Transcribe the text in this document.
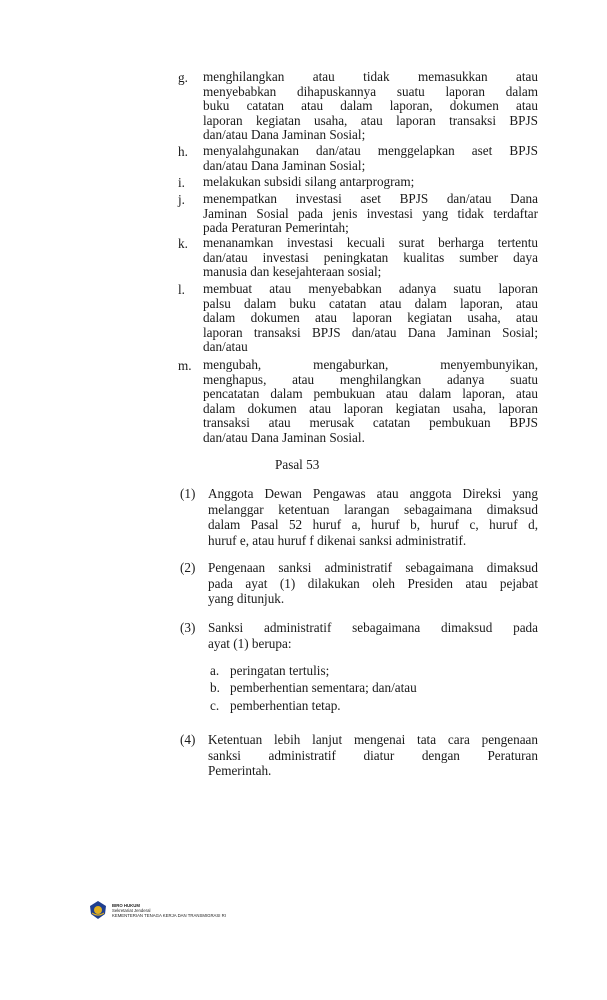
g. menghilangkan atau tidak memasukkan atau
menyebabkan dihapuskannya suatu laporan dalam
buku catatan atau dalam laporan, dokumen atau
laporan kegiatan usaha, atau laporan transaksi BPJS
dan/atau Dana Jaminan Sosial;
h. menyalahgunakan dan/atau menggelapkan aset BPJS
dan/atau Dana Jaminan Sosial;
i. melakukan subsidi silang antarprogram;
j. menempatkan investasi aset BPJS dan/atau Dana
Jaminan Sosial pada jenis investasi yang tidak terdaftar
pada Peraturan Pemerintah;
k. menanamkan investasi kecuali surat berharga tertentu
dan/atau investasi peningkatan kualitas sumber daya
manusia dan kesejahteraan sosial;
l. membuat atau menyebabkan adanya suatu laporan
palsu dalam buku catatan atau dalam laporan, atau
dalam dokumen atau laporan kegiatan usaha, atau
laporan transaksi BPJS dan/atau Dana Jaminan Sosial;
dan/atau
m. mengubah, mengaburkan, menyembunyikan,
menghapus, atau menghilangkan adanya suatu
pencatatan dalam pembukuan atau dalam laporan, atau
dalam dokumen atau laporan kegiatan usaha, laporan
transaksi atau merusak catatan pembukuan BPJS
dan/atau Dana Jaminan Sosial.
Pasal 53
(1) Anggota Dewan Pengawas atau anggota Direksi yang
melanggar ketentuan larangan sebagaimana dimaksud
dalam Pasal 52 huruf a, huruf b, huruf c, huruf d,
huruf e, atau huruf f dikenai sanksi administratif.
(2) Pengenaan sanksi administratif sebagaimana dimaksud
pada ayat (1) dilakukan oleh Presiden atau pejabat
yang ditunjuk.
(3) Sanksi administratif sebagaimana dimaksud pada
ayat (1) berupa:
(4) Ketentuan lebih lanjut mengenai tata cara pengenaan
sanksi administratif diatur dengan Peraturan
Pemerintah.
a. peringatan tertulis;
b. pemberhentian sementara; dan/atau
c. pemberhentian tetap.
BIRO HUKUM
Sekretariat Jenderal
KEMENTERIAN TENAGA KERJA DAN TRANSMIGRASI RI
